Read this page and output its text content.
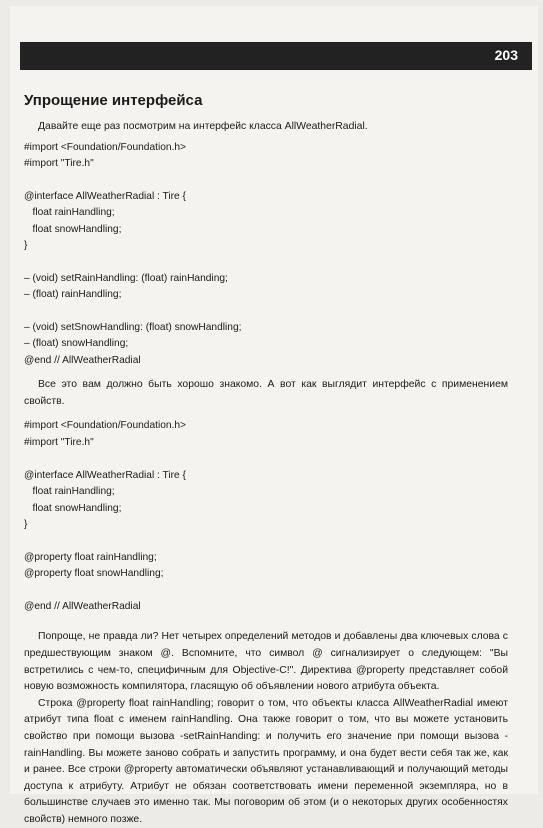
203
Упрощение интерфейса

Давайте еще раз посмотрим на интерфейс класса AllWeatherRadial.

#import <Foundation/Foundation.h>
#import "Tire.h"

@interface AllWeatherRadial : Tire {
float rainHandling;
float snowHandling;
}

– (void) setRainHandling: (float) rainHanding;
– (float) rainHandling;

– (void) setSnowHandling: (float) snowHandling;
– (float) snowHandling;
@end // AllWeatherRadial

Все это вам должно быть хорошо знакомо. А вот как выглядит интерфейс с применением свойств.

#import <Foundation/Foundation.h>
#import "Tire.h"

@interface AllWeatherRadial : Tire {
float rainHandling;
float snowHandling;
}

@property float rainHandling;
@property float snowHandling;

@end // AllWeatherRadial

Попроще, не правда ли? Нет четырех определений методов и добавлены два ключевых слова с предшествующим знаком @. Вспомните, что символ @ сигнализирует о следующем: "Вы встретились с чем-то, специфичным для Objective-C!". Директива @property представляет собой новую возможность компилятора, гласящую об объявлении нового атрибута объекта.

Строка @property float rainHandling; говорит о том, что объекты класса AllWeatherRadial имеют атрибут типа float с именем rainHandling. Она также говорит о том, что вы можете установить свойство при помощи вызова -setRainHanding: и получить его значение при помощи вызова -rainHandling. Вы можете заново собрать и запустить программу, и она будет вести себя так же, как и ранее. Все строки @property автоматически объявляют устанавливающий и получающий методы доступа к атрибуту. Атрибут не обязан соответствовать имени переменной экземпляра, но в большинстве случаев это именно так. Мы поговорим об этом (и о некоторых других особенностях свойств) немного позже.
